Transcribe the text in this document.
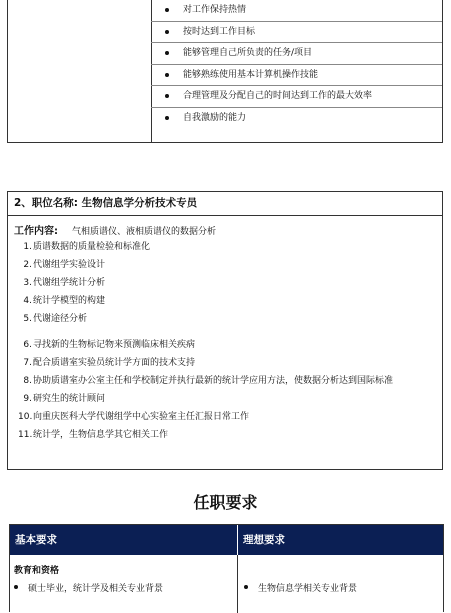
对工作保持热情
按时达到工作目标
能够管理自己所负责的任务/项目
能够熟练使用基本计算机操作技能
合理管理及分配自己的时间达到工作的最大效率
自我激励的能力
2、职位名称: 生物信息学分析技术专员
工作内容: 气相质谱仪、液相质谱仪的数据分析
1. 质谱数据的质量检验和标准化
2. 代谢组学实验设计
3. 代谢组学统计分析
4. 统计学模型的构建
5. 代谢途径分析
6. 寻找新的生物标记物来预测临床相关疾病
7. 配合质谱室实验员统计学方面的技术支持
8. 协助质谱室办公室主任和学校制定并执行最新的统计学应用方法，使数据分析达到国际标准
9. 研究生的统计顾问
10. 向重庆医科大学代谢组学中心实验室主任汇报日常工作
11. 统计学，生物信息学其它相关工作
任职要求
基本要求	理想要求
教育和资格
硕士毕业，统计学及相关专业背景	生物信息学相关专业背景
